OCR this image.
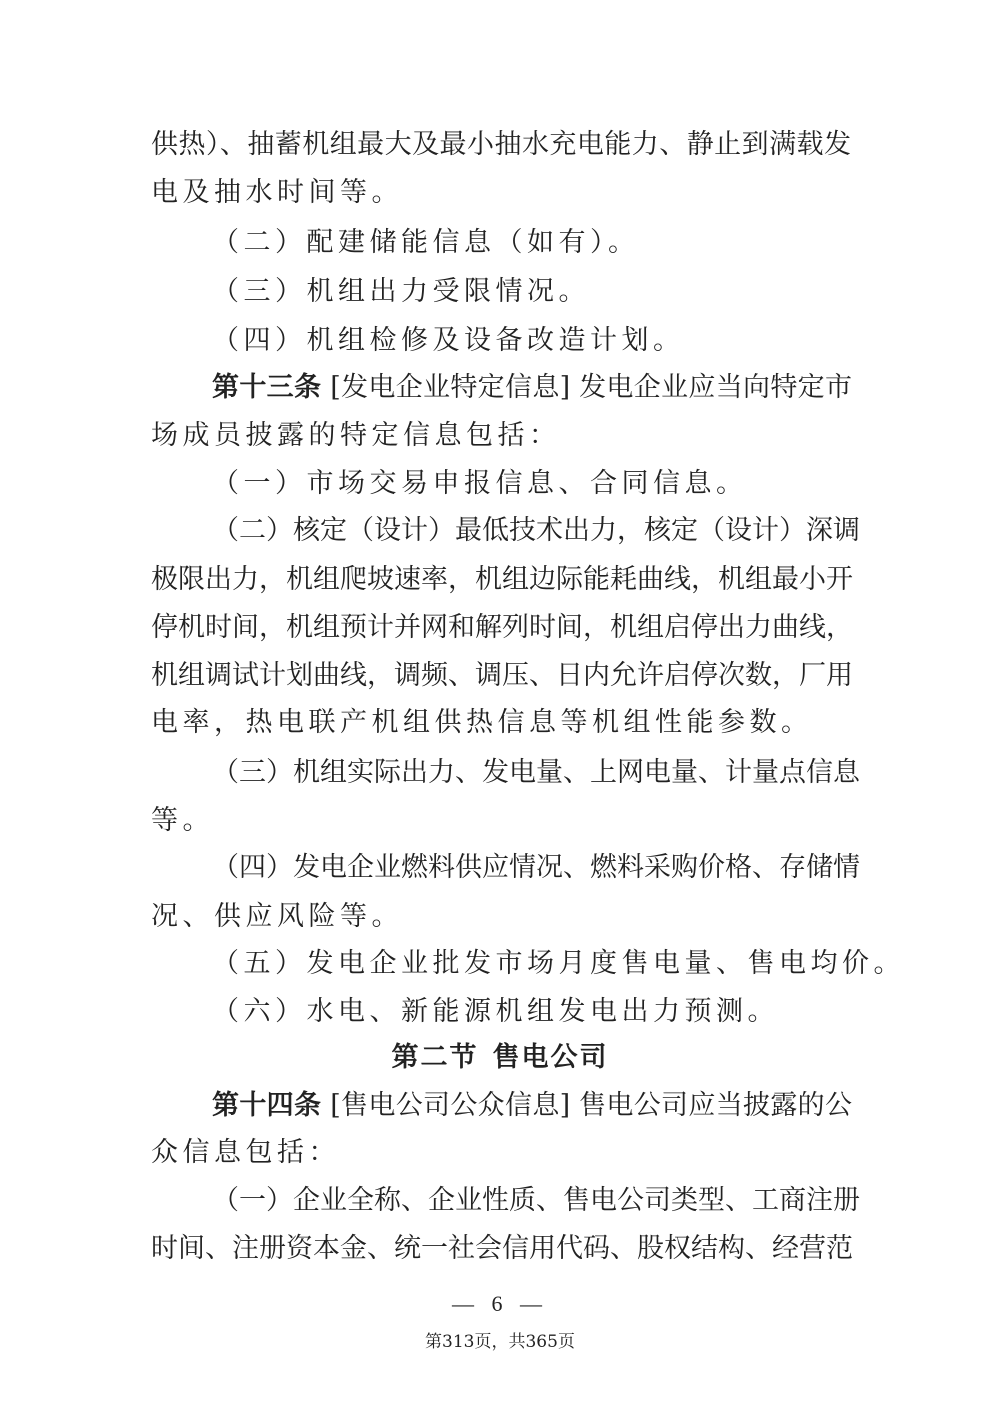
供热）、抽蓄机组最大及最小抽水充电能力、静止到满载发
电及抽水时间等。
（二）配建储能信息（如有）。
（三）机组出力受限情况。
（四）机组检修及设备改造计划。
第十三条 [发电企业特定信息] 发电企业应当向特定市
场成员披露的特定信息包括：
（一）市场交易申报信息、合同信息。
（二）核定（设计）最低技术出力，核定（设计）深调
极限出力，机组爬坡速率，机组边际能耗曲线，机组最小开
停机时间，机组预计并网和解列时间，机组启停出力曲线，
机组调试计划曲线，调频、调压、日内允许启停次数，厂用
电率，热电联产机组供热信息等机组性能参数。
（三）机组实际出力、发电量、上网电量、计量点信息
等。
（四）发电企业燃料供应情况、燃料采购价格、存储情
况、供应风险等。
（五）发电企业批发市场月度售电量、售电均价。
（六）水电、新能源机组发电出力预测。
第二节 售电公司
第十四条 [售电公司公众信息] 售电公司应当披露的公
众信息包括：
（一）企业全称、企业性质、售电公司类型、工商注册
时间、注册资本金、统一社会信用代码、股权结构、经营范
— 6 —
第313页，共365页
